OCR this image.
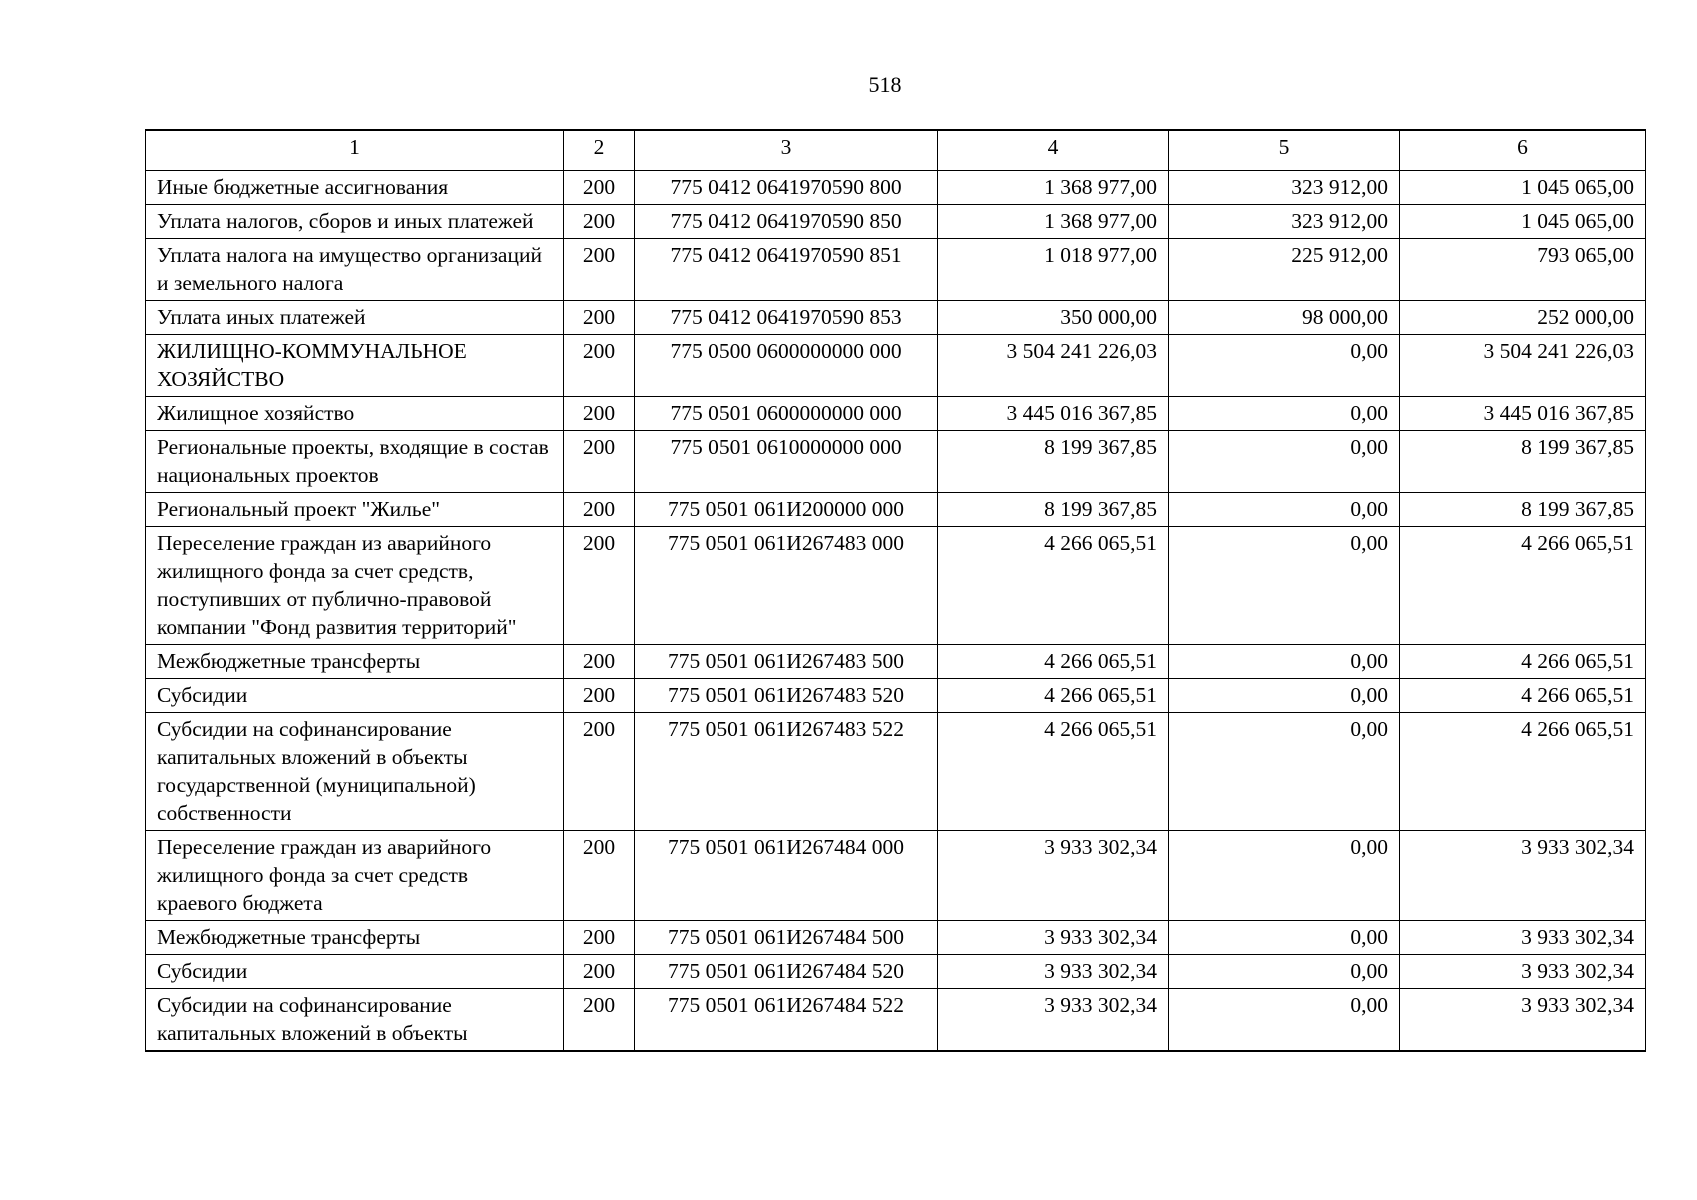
518
1	2	3	4	5	6
Иные бюджетные ассигнования	200	775 0412 0641970590 800	1 368 977,00	323 912,00	1 045 065,00
Уплата налогов, сборов и иных платежей	200	775 0412 0641970590 850	1 368 977,00	323 912,00	1 045 065,00
Уплата налога на имущество организаций и земельного налога	200	775 0412 0641970590 851	1 018 977,00	225 912,00	793 065,00
Уплата иных платежей	200	775 0412 0641970590 853	350 000,00	98 000,00	252 000,00
ЖИЛИЩНО-КОММУНАЛЬНОЕ ХОЗЯЙСТВО	200	775 0500 0600000000 000	3 504 241 226,03	0,00	3 504 241 226,03
Жилищное хозяйство	200	775 0501 0600000000 000	3 445 016 367,85	0,00	3 445 016 367,85
Региональные проекты, входящие в состав национальных проектов	200	775 0501 0610000000 000	8 199 367,85	0,00	8 199 367,85
Региональный проект "Жилье"	200	775 0501 061И200000 000	8 199 367,85	0,00	8 199 367,85
Переселение граждан из аварийного жилищного фонда за счет средств, поступивших от публично-правовой компании "Фонд развития территорий"	200	775 0501 061И267483 000	4 266 065,51	0,00	4 266 065,51
Межбюджетные трансферты	200	775 0501 061И267483 500	4 266 065,51	0,00	4 266 065,51
Субсидии	200	775 0501 061И267483 520	4 266 065,51	0,00	4 266 065,51
Субсидии на софинансирование капитальных вложений в объекты государственной (муниципальной) собственности	200	775 0501 061И267483 522	4 266 065,51	0,00	4 266 065,51
Переселение граждан из аварийного жилищного фонда за счет средств краевого бюджета	200	775 0501 061И267484 000	3 933 302,34	0,00	3 933 302,34
Межбюджетные трансферты	200	775 0501 061И267484 500	3 933 302,34	0,00	3 933 302,34
Субсидии	200	775 0501 061И267484 520	3 933 302,34	0,00	3 933 302,34
Субсидии на софинансирование капитальных вложений в объекты	200	775 0501 061И267484 522	3 933 302,34	0,00	3 933 302,34
